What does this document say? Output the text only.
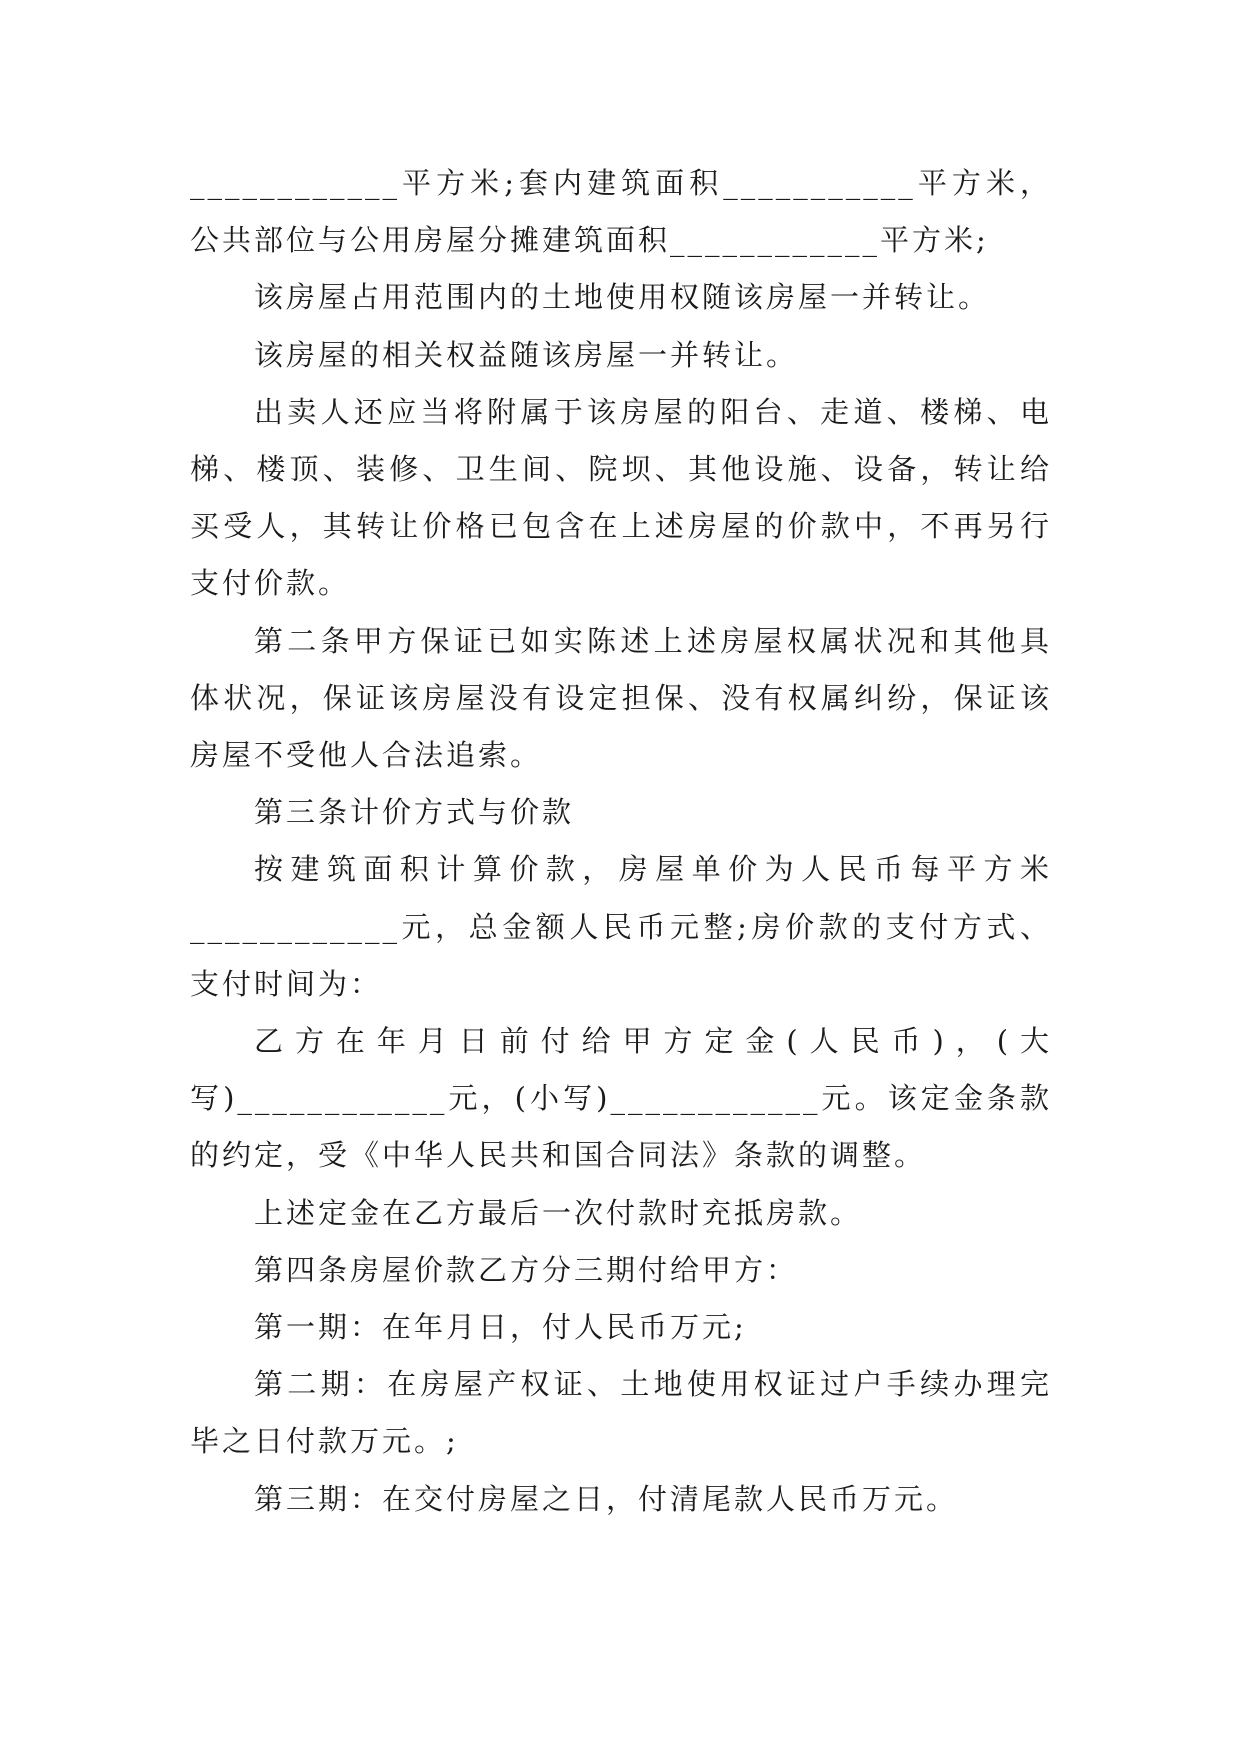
____________平方米;套内建筑面积___________平方米，公共部位与公用房屋分摊建筑面积____________平方米;

该房屋占用范围内的土地使用权随该房屋一并转让。

该房屋的相关权益随该房屋一并转让。

出卖人还应当将附属于该房屋的阳台、走道、楼梯、电梯、楼顶、装修、卫生间、院坝、其他设施、设备，转让给买受人，其转让价格已包含在上述房屋的价款中，不再另行支付价款。

第二条甲方保证已如实陈述上述房屋权属状况和其他具体状况，保证该房屋没有设定担保、没有权属纠纷，保证该房屋不受他人合法追索。

第三条计价方式与价款

按建筑面积计算价款，房屋单价为人民币每平方米____________元，总金额人民币元整;房价款的支付方式、支付时间为：

乙方在年月日前付给甲方定金(人民币)，(大写)____________元，(小写)____________元。该定金条款的约定，受《中华人民共和国合同法》条款的调整。

上述定金在乙方最后一次付款时充抵房款。

第四条房屋价款乙方分三期付给甲方：

第一期：在年月日，付人民币万元;

第二期：在房屋产权证、土地使用权证过户手续办理完毕之日付款万元。;

第三期：在交付房屋之日，付清尾款人民币万元。
